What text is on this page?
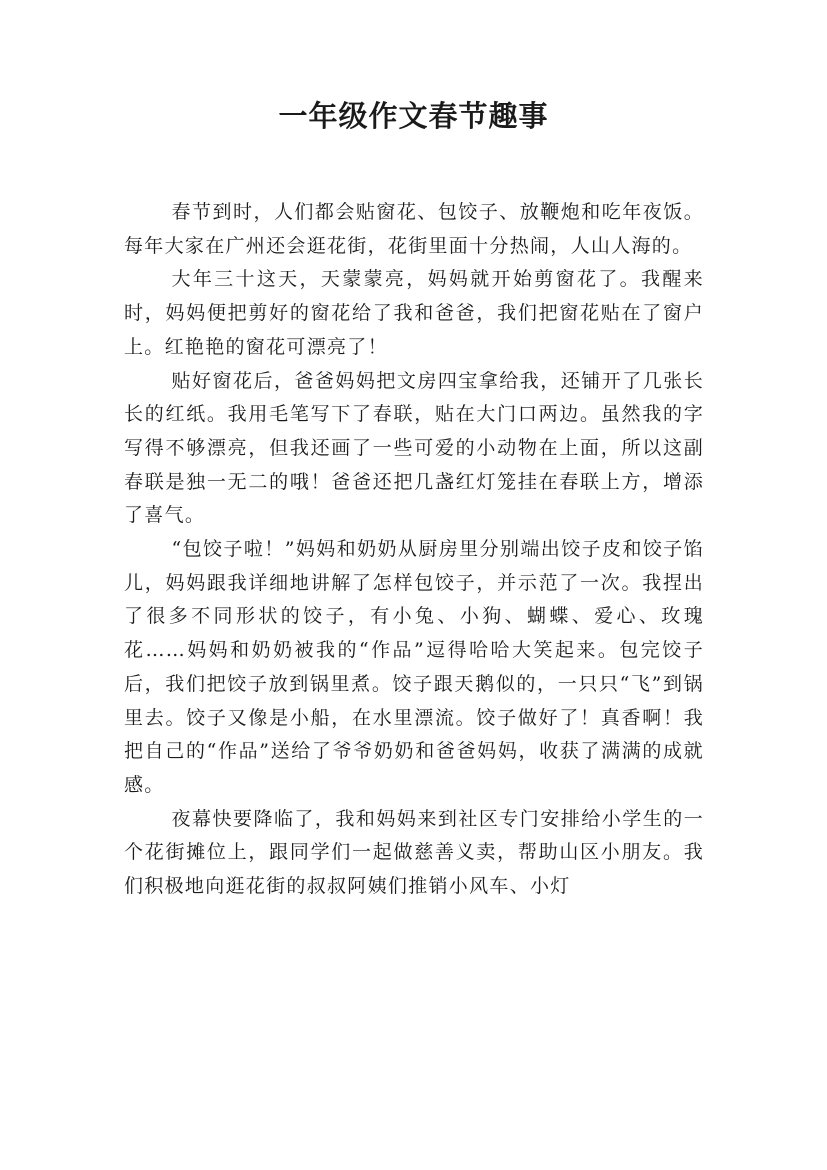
一年级作文春节趣事

春节到时，人们都会贴窗花、包饺子、放鞭炮和吃年夜饭。每年大家在广州还会逛花街，花街里面十分热闹，人山人海的。

大年三十这天，天蒙蒙亮，妈妈就开始剪窗花了。我醒来时，妈妈便把剪好的窗花给了我和爸爸，我们把窗花贴在了窗户上。红艳艳的窗花可漂亮了！

贴好窗花后，爸爸妈妈把文房四宝拿给我，还铺开了几张长长的红纸。我用毛笔写下了春联，贴在大门口两边。虽然我的字写得不够漂亮，但我还画了一些可爱的小动物在上面，所以这副春联是独一无二的哦！爸爸还把几盏红灯笼挂在春联上方，增添了喜气。

“包饺子啦！”妈妈和奶奶从厨房里分别端出饺子皮和饺子馅儿，妈妈跟我详细地讲解了怎样包饺子，并示范了一次。我捏出了很多不同形状的饺子，有小兔、小狗、蝴蝶、爱心、玫瑰花……妈妈和奶奶被我的“作品”逗得哈哈大笑起来。包完饺子后，我们把饺子放到锅里煮。饺子跟天鹅似的，一只只“飞”到锅里去。饺子又像是小船，在水里漂流。饺子做好了！真香啊！我把自己的“作品”送给了爷爷奶奶和爸爸妈妈，收获了满满的成就感。

夜幕快要降临了，我和妈妈来到社区专门安排给小学生的一个花街摊位上，跟同学们一起做慈善义卖，帮助山区小朋友。我们积极地向逛花街的叔叔阿姨们推销小风车、小灯
